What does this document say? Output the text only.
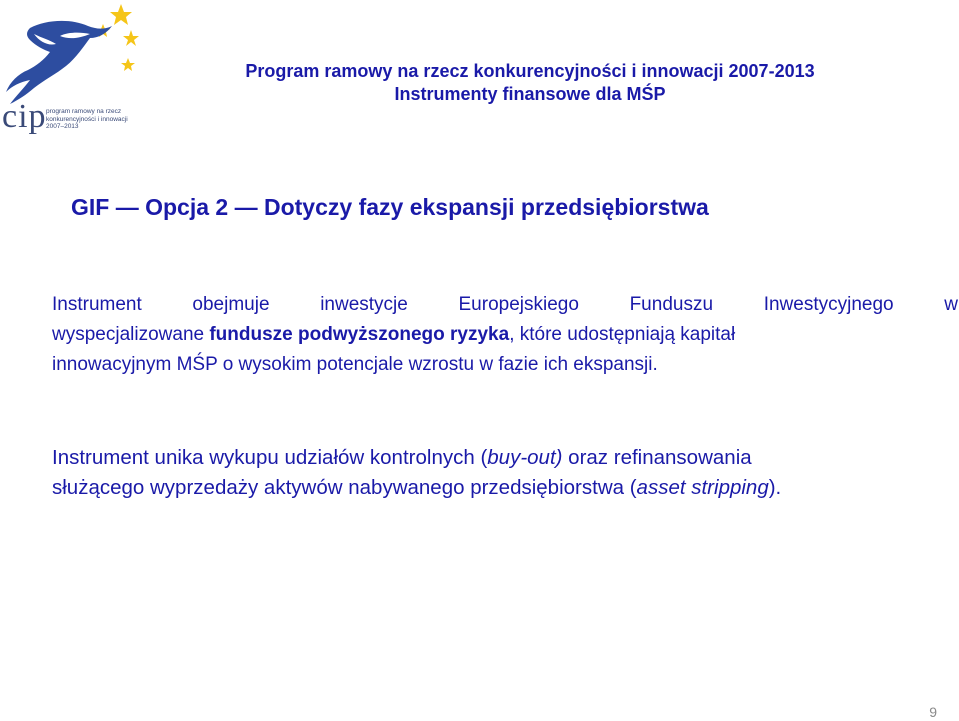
cip program ramowy na rzecz
konkurencyjności i innowacji
2007–2013
Program ramowy na rzecz konkurencyjności i innowacji 2007-2013
Instrumenty finansowe dla MŚP
GIF — Opcja 2 — Dotyczy fazy ekspansji przedsiębiorstwa
Instrument	obejmuje	inwestycje	Europejskiego	Funduszu	Inwestycyjnego	w
wyspecjalizowane fundusze podwyższonego ryzyka, które udostępniają kapitał
innowacyjnym MŚP o wysokim potencjale wzrostu w fazie ich ekspansji.
Instrument unika wykupu udziałów kontrolnych (buy-out) oraz refinansowania
służącego wyprzedaży aktywów nabywanego przedsiębiorstwa (asset stripping).
9
